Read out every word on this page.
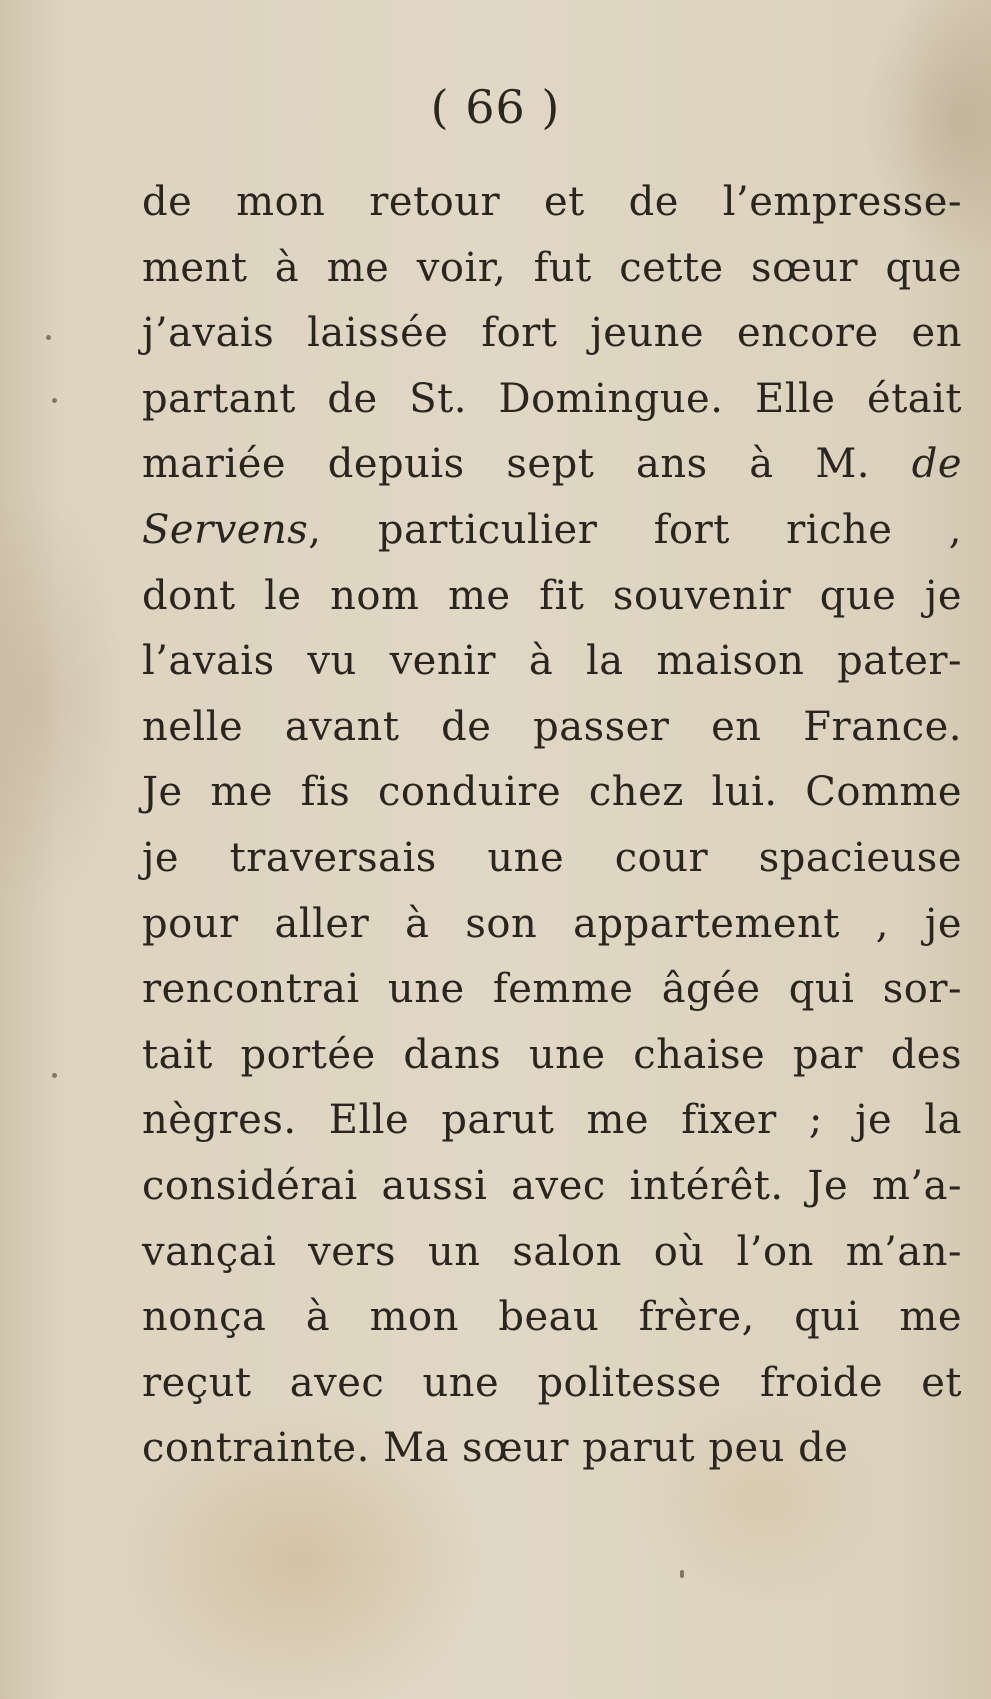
( 66 )
de mon retour et de l’empresse-
ment à me voir, fut cette sœur que
j’avais laissée fort jeune encore en
partant de St. Domingue. Elle était
mariée depuis sept ans à M. de
Servens, particulier fort riche ,
dont le nom me fit souvenir que je
l’avais vu venir à la maison pater-
nelle avant de passer en France.
Je me fis conduire chez lui. Comme
je traversais une cour spacieuse
pour aller à son appartement , je
rencontrai une femme âgée qui sor-
tait portée dans une chaise par des
nègres. Elle parut me fixer ; je la
considérai aussi avec intérêt. Je m’a-
vançai vers un salon où l’on m’an-
nonça à mon beau frère, qui me
reçut avec une politesse froide et
contrainte. Ma sœur parut peu de
